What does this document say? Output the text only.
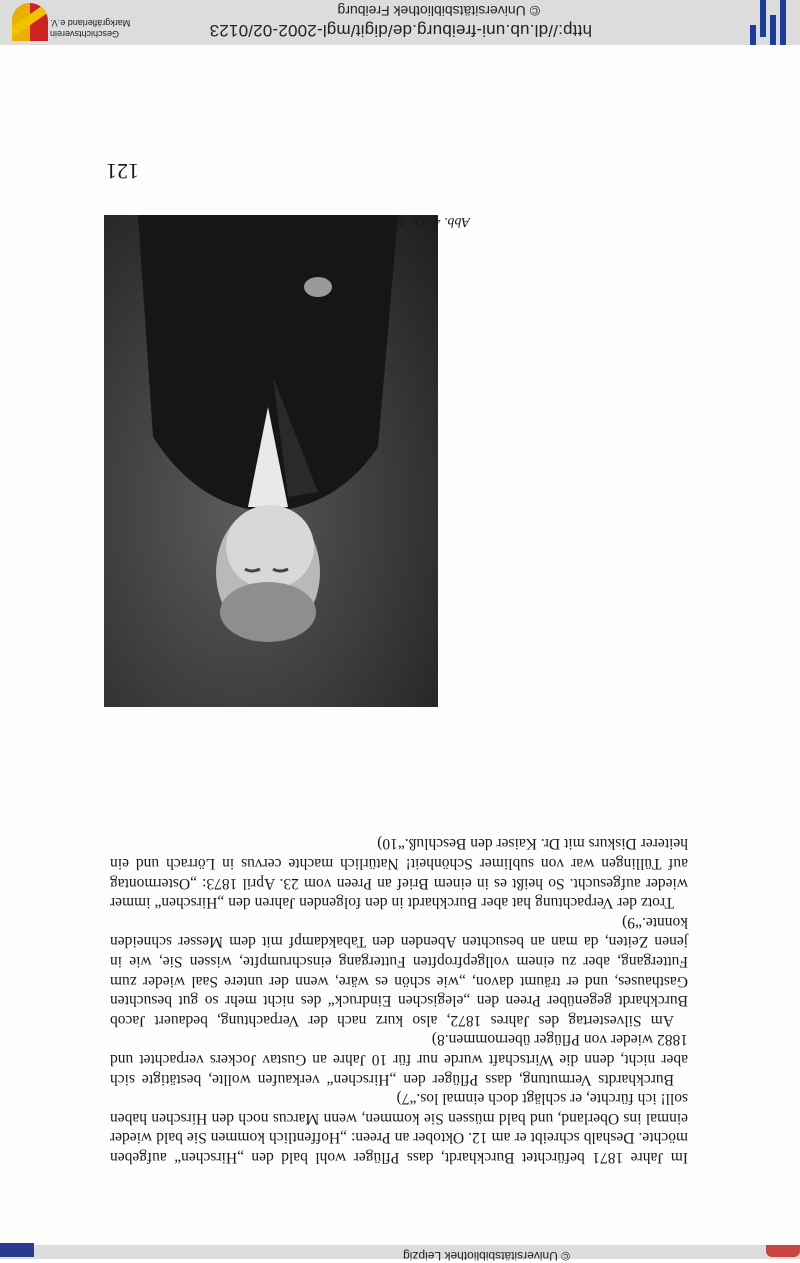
© Universitätsbibliothek Leipzig

Im Jahre 1871 befürchtet Burckhardt, dass Pflüger wohl bald den „Hirschen“ aufgeben möchte. Deshalb schreibt er am 12. Oktober an Preen: „Hoffentlich kommen Sie bald wieder einmal ins Oberland, und bald müssen Sie kommen, wenn Marcus noch den Hirschen haben soll! ich fürchte, er schlägt doch einmal los.“7)

Burckhardts Vermutung, dass Pflüger den „Hirschen“ verkaufen wollte, bestätigte sich aber nicht, denn die Wirtschaft wurde nur für 10 Jahre an Gustav Jockers verpachtet und 1882 wieder von Pflüger übernommen.8)

Am Silvestertag des Jahres 1872, also kurz nach der Verpachtung, bedauert Jacob Burckhardt gegenüber Preen den „elegischen Eindruck“ des nicht mehr so gut besuchten Gasthauses, und er träumt davon, „wie schön es wäre, wenn der untere Saal wieder zum Futtergang, aber zu einem vollgepfropften Futtergang einschrumpfte, wissen Sie, wie in jenen Zeiten, da man an besuchten Abenden den Tabakdampf mit dem Messer schneiden konnte.“9)

Trotz der Verpachtung hat aber Burckhardt in den folgenden Jahren den „Hirschen“ immer wieder aufgesucht. So heißt es in einem Brief an Preen vom 23. April 1873: „Ostermontag auf Tüllingen war von sublimer Schönheit! Natürlich machte cervus in Lörrach und ein heiterer Diskurs mit Dr. Kaiser den Beschluß.“10)

Abb. 4: Dr. Eduard Kaiser um 1880
121
http://dl.ub.uni-freiburg.de/digit/mgl-2002-02/0123
© Universitätsbibliothek Freiburg
Geschichtsverein
Markgräflerland e.V.
